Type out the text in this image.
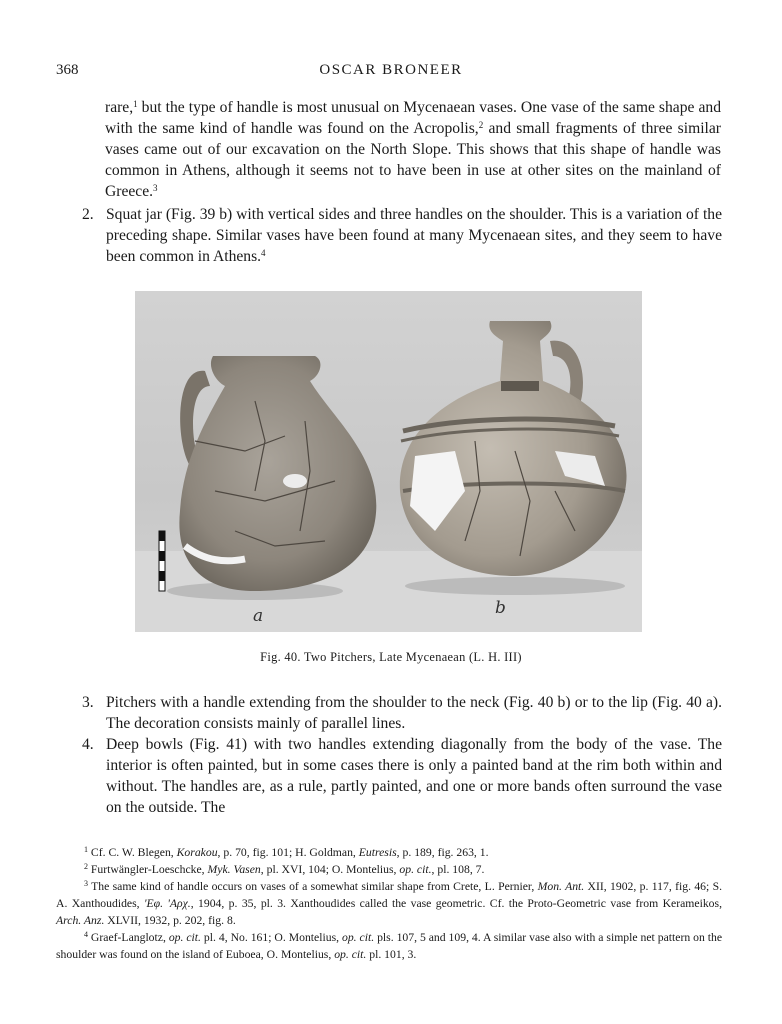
368	OSCAR BRONEER
rare,$^1$ but the type of handle is most unusual on Mycenaean vases. One vase of the same shape and with the same kind of handle was found on the Acropolis,$^2$ and small fragments of three similar vases came out of our excavation on the North Slope. This shows that this shape of handle was common in Athens, although it seems not to have been in use at other sites on the mainland of Greece.$^3$
2. Squat jar (Fig. 39 b) with vertical sides and three handles on the shoulder. This is a variation of the preceding shape. Similar vases have been found at many Mycenaean sites, and they seem to have been common in Athens.$^4$
a	b
Fig. 40. Two Pitchers, Late Mycenaean (L. H. III)
3. Pitchers with a handle extending from the shoulder to the neck (Fig. 40 b) or to the lip (Fig. 40 a). The decoration consists mainly of parallel lines.
4. Deep bowls (Fig. 41) with two handles extending diagonally from the body of the vase. The interior is often painted, but in some cases there is only a painted band at the rim both within and without. The handles are, as a rule, partly painted, and one or more bands often surround the vase on the outside. The

$^1$ Cf. C. W. Blegen, Korakou, p. 70, fig. 101; H. Goldman, Eutresis, p. 189, fig. 263, 1.

$^2$ Furtwängler-Loeschcke, Myk. Vasen, pl. XVI, 104; O. Montelius, op. cit., pl. 108, 7.

$^3$ The same kind of handle occurs on vases of a somewhat similar shape from Crete, L. Pernier, Mon. Ant. XII, 1902, p. 117, fig. 46; S. A. Xanthoudides, 'Εφ. 'Αρχ., 1904, p. 35, pl. 3. Xanthoudides called the vase geometric. Cf. the Proto-Geometric vase from Kerameikos, Arch. Anz. XLVII, 1932, p. 202, fig. 8.

$^4$ Graef-Langlotz, op. cit. pl. 4, No. 161; O. Montelius, op. cit. pls. 107, 5 and 109, 4. A similar vase also with a simple net pattern on the shoulder was found on the island of Euboea, O. Montelius, op. cit. pl. 101, 3.
